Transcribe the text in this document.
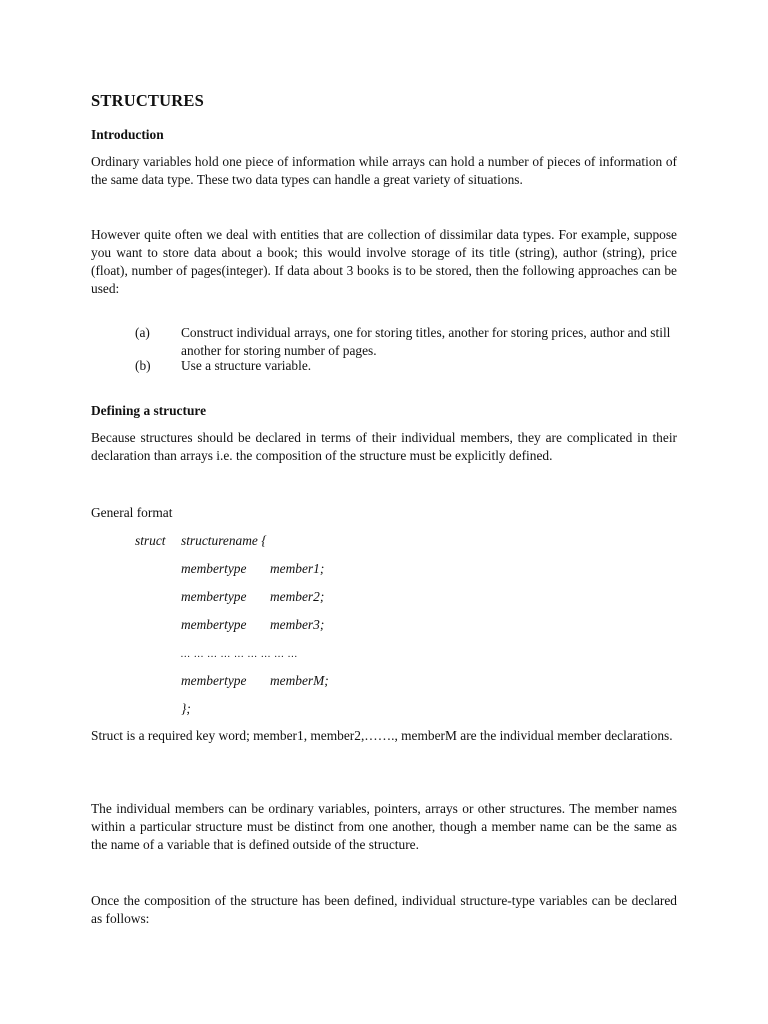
STRUCTURES
Introduction

Ordinary variables hold one piece of information while arrays can hold a number of pieces of information of the same data type. These two data types can handle a great variety of situations.

However quite often we deal with entities that are collection of dissimilar data types. For example, suppose you want to store data about a book; this would involve storage of its title (string), author (string), price (float), number of pages(integer). If data about 3 books is to be stored, then the following approaches can be used:

(a)	Construct individual arrays, one for storing titles, another for storing prices, author and still another for storing number of pages.
(b)	Use a structure variable.
Defining a structure

Because structures should be declared in terms of their individual members, they are complicated in their declaration than arrays i.e. the composition of the structure must be explicitly defined.

General format
struct structurename {
membertype member1;
membertype member2;
membertype member3;
… … … … … … … … …
membertype memberM;
};

Struct is a required key word; member1, member2,……., memberM are the individual member declarations.

The individual members can be ordinary variables, pointers, arrays or other structures. The member names within a particular structure must be distinct from one another, though a member name can be the same as the name of a variable that is defined outside of the structure.

Once the composition of the structure has been defined, individual structure-type variables can be declared as follows:
